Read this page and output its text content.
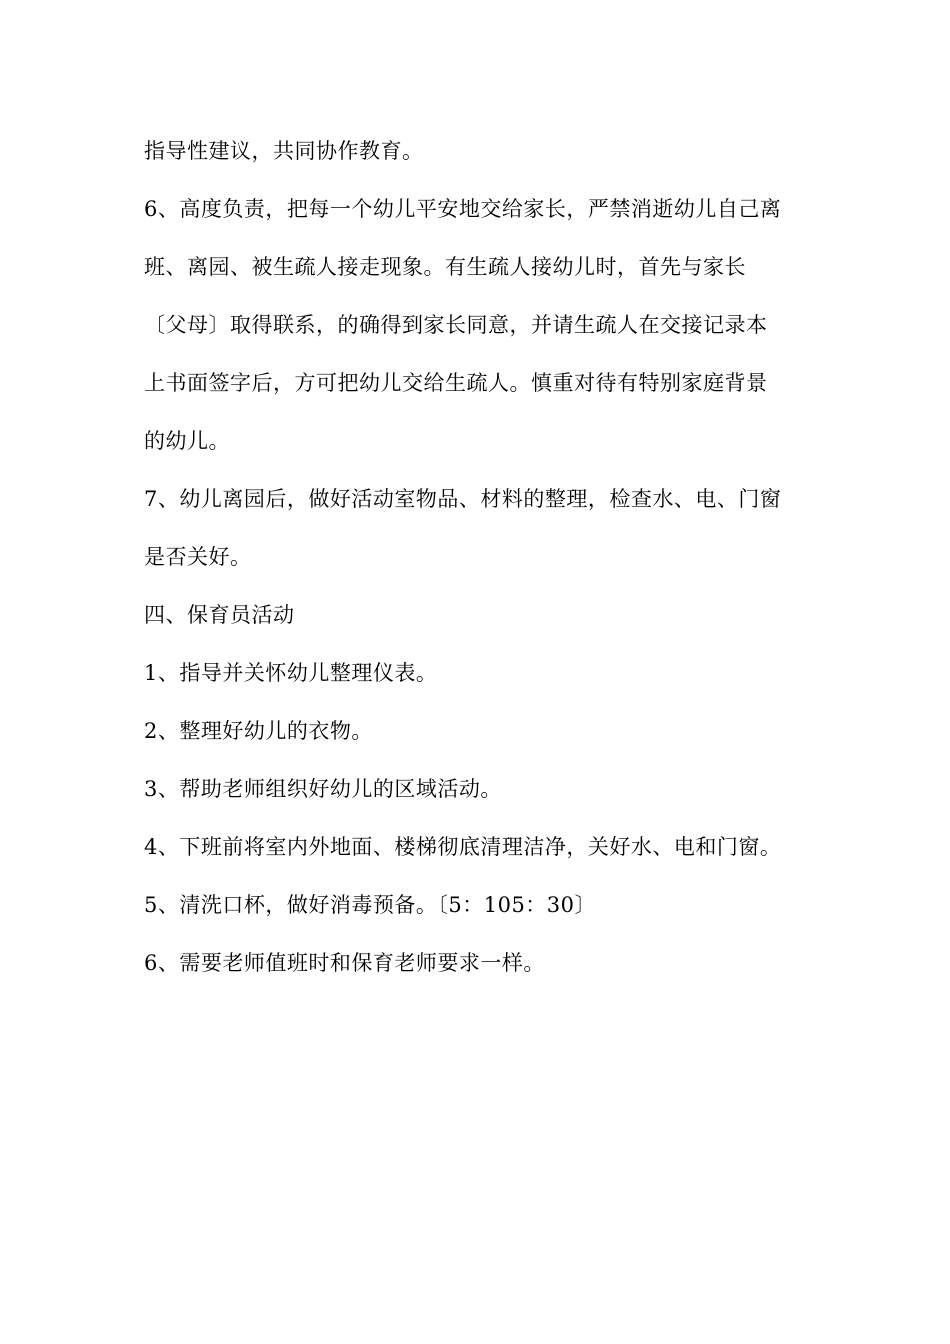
指导性建议，共同协作教育。
6、高度负责，把每一个幼儿平安地交给家长，严禁消逝幼儿自己离
班、离园、被生疏人接走现象。有生疏人接幼儿时，首先与家长
〔父母〕取得联系，的确得到家长同意，并请生疏人在交接记录本
上书面签字后，方可把幼儿交给生疏人。慎重对待有特别家庭背景
的幼儿。
7、幼儿离园后，做好活动室物品、材料的整理，检查水、电、门窗
是否关好。
四、保育员活动
1、指导并关怀幼儿整理仪表。
2、整理好幼儿的衣物。
3、帮助老师组织好幼儿的区域活动。
4、下班前将室内外地面、楼梯彻底清理洁净，关好水、电和门窗。
5、清洗口杯，做好消毒预备。〔5：105：30〕
6、需要老师值班时和保育老师要求一样。
